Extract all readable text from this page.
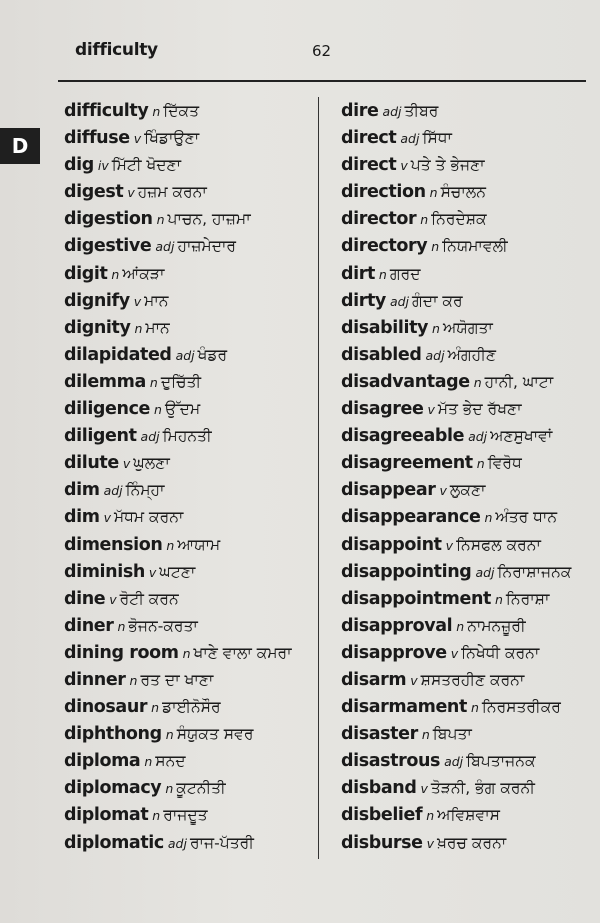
difficulty	62
D
difficulty n ਦਿੱਕਤ
diffuse v ਖਿੰਡਾਉਣਾ
dig iv ਮਿੱਟੀ ਖੋਦਣਾ
digest v ਹਜ਼ਮ ਕਰਨਾ
digestion n ਪਾਚਨ, ਹਾਜ਼ਮਾ
digestive adj ਹਾਜ਼ਮੇਦਾਰ
digit n ਆਂਕੜਾ
dignify v ਮਾਨ
dignity n ਮਾਨ
dilapidated adj ਖੰਡਰ
dilemma n ਦੁਚਿੱਤੀ
diligence n ਉੱਦਮ
diligent adj ਮਿਹਨਤੀ
dilute v ਘੁਲਣਾ
dim adj ਨਿੰਮ੍ਹਾ
dim v ਮੱਧਮ ਕਰਨਾ
dimension n ਆਯਾਮ
diminish v ਘਟਣਾ
dine v ਰੋਟੀ ਕਰਨ
diner n ਭੋਜਨ-ਕਰਤਾ
dining room n ਖਾਣੇ ਵਾਲਾ ਕਮਰਾ
dinner n ਰਤ ਦਾ ਖਾਣਾ
dinosaur n ਡਾਈਨੋਸੌਰ
diphthong n ਸੰਯੁਕਤ ਸਵਰ
diploma n ਸਨਦ
diplomacy n ਕੂਟਨੀਤੀ
diplomat n ਰਾਜਦੂਤ
diplomatic adj ਰਾਜ-ਪੱਤਰੀ
dire adj ਤੀਬਰ
direct adj ਸਿੱਧਾ
direct v ਪਤੇ ਤੇ ਭੇਜਣਾ
direction n ਸੰਚਾਲਨ
director n ਨਿਰਦੇਸ਼ਕ
directory n ਨਿਯਮਾਵਲੀ
dirt n ਗਰਦ
dirty adj ਗੰਦਾ ਕਰ
disability n ਅਯੋਗਤਾ
disabled adj ਅੰਗਹੀਣ
disadvantage n ਹਾਨੀ, ਘਾਟਾ
disagree v ਮੱਤ ਭੇਦ ਰੱਖਣਾ
disagreeable adj ਅਣਸੁਖਾਵਾਂ
disagreement n ਵਿਰੋਧ
disappear v ਲੁਕਣਾ
disappearance n ਅੰਤਰ ਧਾਨ
disappoint v ਨਿਸਫਲ ਕਰਨਾ
disappointing adj ਨਿਰਾਸ਼ਾਜਨਕ
disappointment n ਨਿਰਾਸ਼ਾ
disapproval n ਨਾਮਨਜ਼ੂਰੀ
disapprove v ਨਿਖੇਧੀ ਕਰਨਾ
disarm v ਸ਼ਸਤਰਹੀਣ ਕਰਨਾ
disarmament n ਨਿਰਸਤਰੀਕਰ
disaster n ਬਿਪਤਾ
disastrous adj ਬਿਪਤਾਜਨਕ
disband v ਤੋੜਨੀ, ਭੰਗ ਕਰਨੀ
disbelief n ਅਵਿਸ਼ਵਾਸ
disburse v ਖ਼ਰਚ ਕਰਨਾ
